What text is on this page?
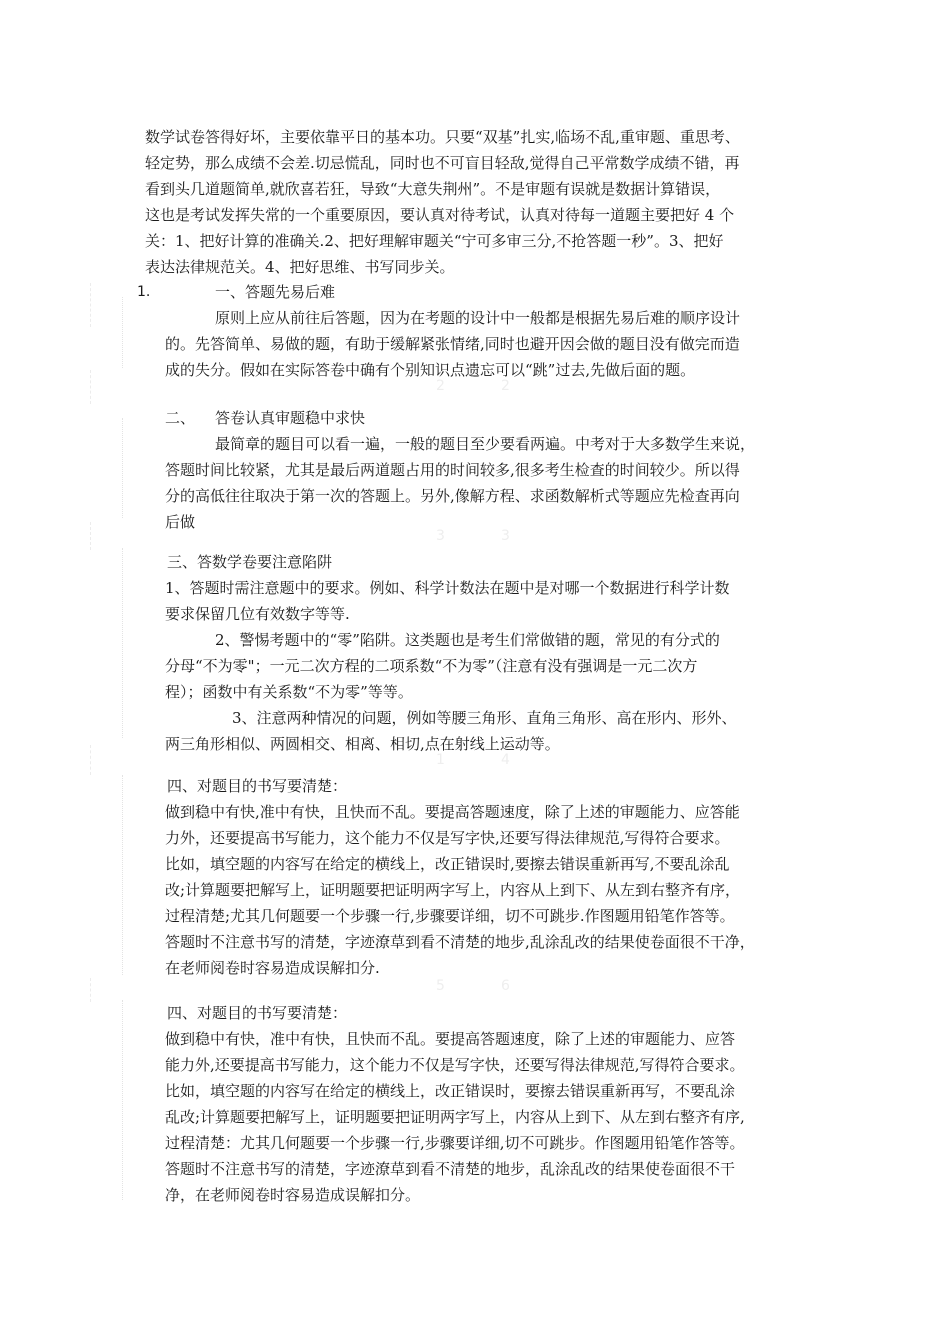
2	2
3	3
1	4
5	6
数学试卷答得好坏，主要依靠平日的基本功。只要“双基”扎实,临场不乱,重审题、重思考、
轻定势，那么成绩不会差.切忌慌乱，同时也不可盲目轻敌,觉得自己平常数学成绩不错，再
看到头几道题简单,就欣喜若狂，导致“大意失荆州”。不是审题有误就是数据计算错误，
这也是考试发挥失常的一个重要原因，要认真对待考试，认真对待每一道题主要把好 4 个
关：1、把好计算的准确关.2、把好理解审题关“宁可多审三分,不抢答题一秒”。3、把好
表达法律规范关。4、把好思维、书写同步关。
1.	一、答题先易后难
原则上应从前往后答题，因为在考题的设计中一般都是根据先易后难的顺序设计
的。先答简单、易做的题，有助于缓解紧张情绪,同时也避开因会做的题目没有做完而造
成的失分。假如在实际答卷中确有个别知识点遗忘可以“跳”过去,先做后面的题。
二、 答卷认真审题稳中求快
最简章的题目可以看一遍，一般的题目至少要看两遍。中考对于大多数学生来说，
答题时间比较紧，尤其是最后两道题占用的时间较多,很多考生检查的时间较少。所以得
分的高低往往取决于第一次的答题上。另外,像解方程、求函数解析式等题应先检查再向
后做
三、答数学卷要注意陷阱
1、答题时需注意题中的要求。例如、科学计数法在题中是对哪一个数据进行科学计数
要求保留几位有效数字等等.
2、警惕考题中的“零”陷阱。这类题也是考生们常做错的题，常见的有分式的
分母“不为零"；一元二次方程的二项系数“不为零”（注意有没有强调是一元二次方
程）；函数中有关系数“不为零”等等。
3、注意两种情况的问题，例如等腰三角形、直角三角形、高在形内、形外、
两三角形相似、两圆相交、相离、相切,点在射线上运动等。
四、对题目的书写要清楚：
做到稳中有快,准中有快，且快而不乱。要提高答题速度，除了上述的审题能力、应答能
力外，还要提高书写能力，这个能力不仅是写字快,还要写得法律规范,写得符合要求。
比如，填空题的内容写在给定的横线上，改正错误时,要擦去错误重新再写,不要乱涂乱
改;计算题要把解写上，证明题要把证明两字写上，内容从上到下、从左到右整齐有序，
过程清楚;尤其几何题要一个步骤一行,步骤要详细，切不可跳步.作图题用铅笔作答等。
答题时不注意书写的清楚，字迹潦草到看不清楚的地步,乱涂乱改的结果使卷面很不干净，
在老师阅卷时容易造成误解扣分.
四、对题目的书写要清楚：
做到稳中有快，准中有快，且快而不乱。要提高答题速度，除了上述的审题能力、应答
能力外,还要提高书写能力，这个能力不仅是写字快，还要写得法律规范,写得符合要求。
比如，填空题的内容写在给定的横线上，改正错误时，要擦去错误重新再写，不要乱涂
乱改;计算题要把解写上，证明题要把证明两字写上，内容从上到下、从左到右整齐有序,
过程清楚：尤其几何题要一个步骤一行,步骤要详细,切不可跳步。作图题用铅笔作答等。
答题时不注意书写的清楚，字迹潦草到看不清楚的地步，乱涂乱改的结果使卷面很不干
净，在老师阅卷时容易造成误解扣分。
